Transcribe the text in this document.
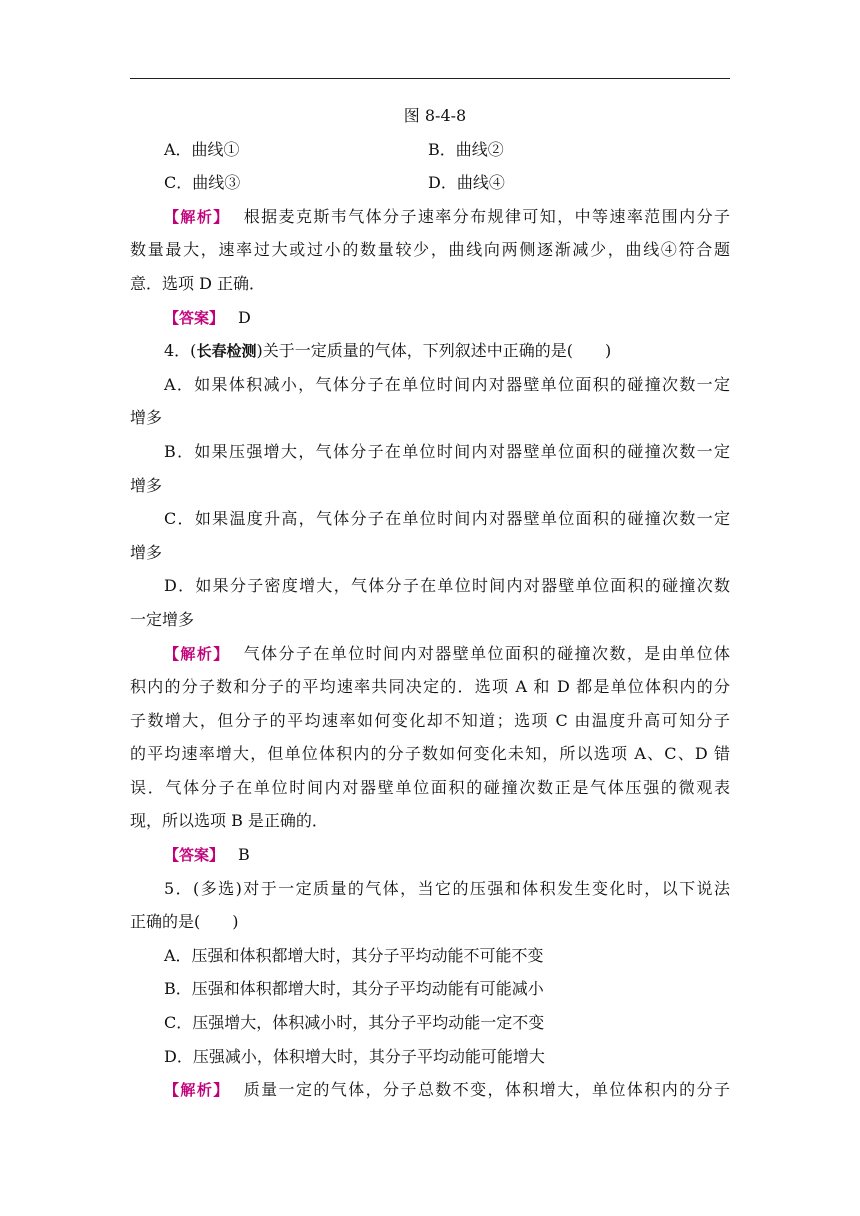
图 8-4-8
A．曲线①	B．曲线②
C．曲线③	D．曲线④
【解析】 根据麦克斯韦气体分子速率分布规律可知，中等速率范围内分子
数量最大，速率过大或过小的数量较少，曲线向两侧逐渐减少，曲线④符合题
意．选项 D 正确．
【答案】 D
4．(长春检测)关于一定质量的气体，下列叙述中正确的是(　　)
A．如果体积减小，气体分子在单位时间内对器壁单位面积的碰撞次数一定
增多
B．如果压强增大，气体分子在单位时间内对器壁单位面积的碰撞次数一定
增多
C．如果温度升高，气体分子在单位时间内对器壁单位面积的碰撞次数一定
增多
D．如果分子密度增大，气体分子在单位时间内对器壁单位面积的碰撞次数
一定增多
【解析】 气体分子在单位时间内对器壁单位面积的碰撞次数，是由单位体
积内的分子数和分子的平均速率共同决定的．选项 A 和 D 都是单位体积内的分
子数增大，但分子的平均速率如何变化却不知道；选项 C 由温度升高可知分子
的平均速率增大，但单位体积内的分子数如何变化未知，所以选项 A、C、D 错
误．气体分子在单位时间内对器壁单位面积的碰撞次数正是气体压强的微观表
现，所以选项 B 是正确的．
【答案】 B
5．(多选)对于一定质量的气体，当它的压强和体积发生变化时，以下说法
正确的是(　　)
A．压强和体积都增大时，其分子平均动能不可能不变
B．压强和体积都增大时，其分子平均动能有可能减小
C．压强增大，体积减小时，其分子平均动能一定不变
D．压强减小，体积增大时，其分子平均动能可能增大
【解析】 质量一定的气体，分子总数不变，体积增大，单位体积内的分子
